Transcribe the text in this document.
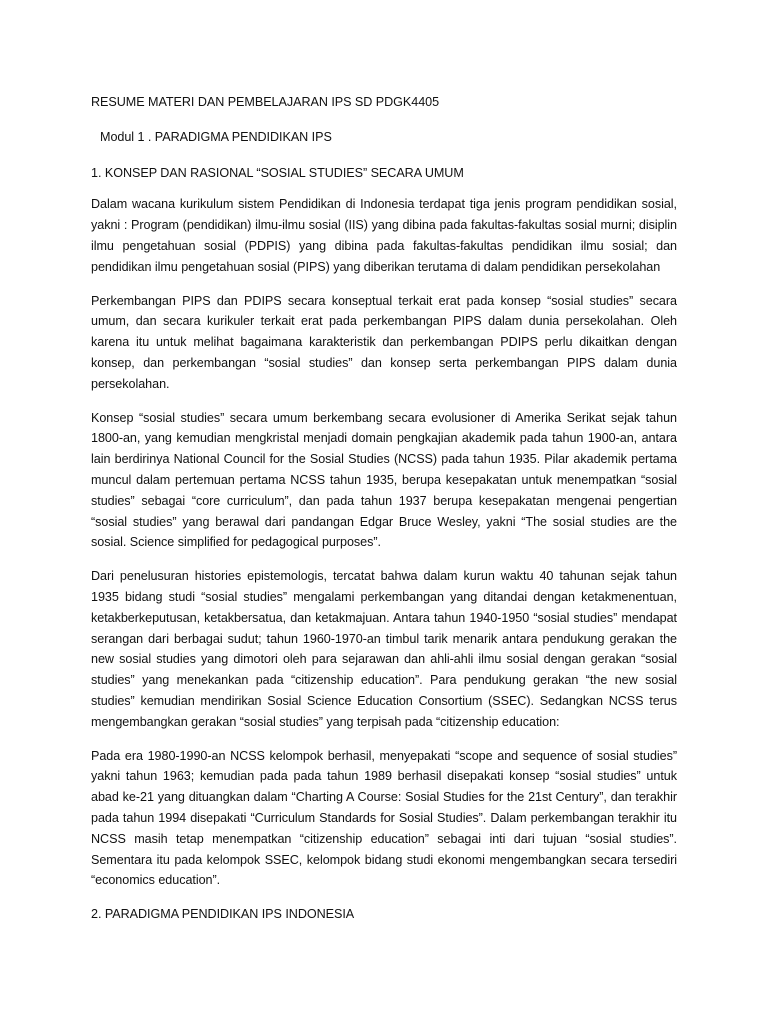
RESUME MATERI DAN PEMBELAJARAN IPS SD PDGK4405
Modul 1 . PARADIGMA PENDIDIKAN IPS
1. KONSEP DAN RASIONAL “SOSIAL STUDIES” SECARA UMUM

Dalam wacana kurikulum sistem Pendidikan di Indonesia terdapat tiga jenis program pendidikan sosial, yakni : Program (pendidikan) ilmu-ilmu sosial (IIS) yang dibina pada fakultas-fakultas sosial murni; disiplin ilmu pengetahuan sosial (PDPIS) yang dibina pada fakultas-fakultas pendidikan ilmu sosial; dan pendidikan ilmu pengetahuan sosial (PIPS) yang diberikan terutama di dalam pendidikan persekolahan

Perkembangan PIPS dan PDIPS secara konseptual terkait erat pada konsep “sosial studies” secara umum, dan secara kurikuler terkait erat pada perkembangan PIPS dalam dunia persekolahan. Oleh karena itu untuk melihat bagaimana karakteristik dan perkembangan PDIPS perlu dikaitkan dengan konsep, dan perkembangan “sosial studies” dan konsep serta perkembangan PIPS dalam dunia persekolahan.

Konsep “sosial studies” secara umum berkembang secara evolusioner di Amerika Serikat sejak tahun 1800-an, yang kemudian mengkristal menjadi domain pengkajian akademik pada tahun 1900-an, antara lain berdirinya National Council for the Sosial Studies (NCSS) pada tahun 1935. Pilar akademik pertama muncul dalam pertemuan pertama NCSS tahun 1935, berupa kesepakatan untuk menempatkan “sosial studies” sebagai “core curriculum”, dan pada tahun 1937 berupa kesepakatan mengenai pengertian “sosial studies” yang berawal dari pandangan Edgar Bruce Wesley, yakni “The sosial studies are the sosial. Science simplified for pedagogical purposes”.

Dari penelusuran histories epistemologis, tercatat bahwa dalam kurun waktu 40 tahunan sejak tahun 1935 bidang studi “sosial studies” mengalami perkembangan yang ditandai dengan ketakmenentuan, ketakberkeputusan, ketakbersatua, dan ketakmajuan. Antara tahun 1940-1950 “sosial studies” mendapat serangan dari berbagai sudut; tahun 1960-1970-an timbul tarik menarik antara pendukung gerakan the new sosial studies yang dimotori oleh para sejarawan dan ahli-ahli ilmu sosial dengan gerakan “sosial studies” yang menekankan pada “citizenship education”. Para pendukung gerakan “the new sosial studies” kemudian mendirikan Sosial Science Education Consortium (SSEC). Sedangkan NCSS terus mengembangkan gerakan “sosial studies” yang terpisah pada “citizenship education:

Pada era 1980-1990-an NCSS kelompok berhasil, menyepakati “scope and sequence of sosial studies” yakni tahun 1963; kemudian pada pada tahun 1989 berhasil disepakati konsep “sosial studies” untuk abad ke-21 yang dituangkan dalam “Charting A Course: Sosial Studies for the 21st Century”, dan terakhir pada tahun 1994 disepakati “Curriculum Standards for Sosial Studies”. Dalam perkembangan terakhir itu NCSS masih tetap menempatkan “citizenship education” sebagai inti dari tujuan “sosial studies”. Sementara itu pada kelompok SSEC, kelompok bidang studi ekonomi mengembangkan secara tersediri “economics education”.

2. PARADIGMA PENDIDIKAN IPS INDONESIA
